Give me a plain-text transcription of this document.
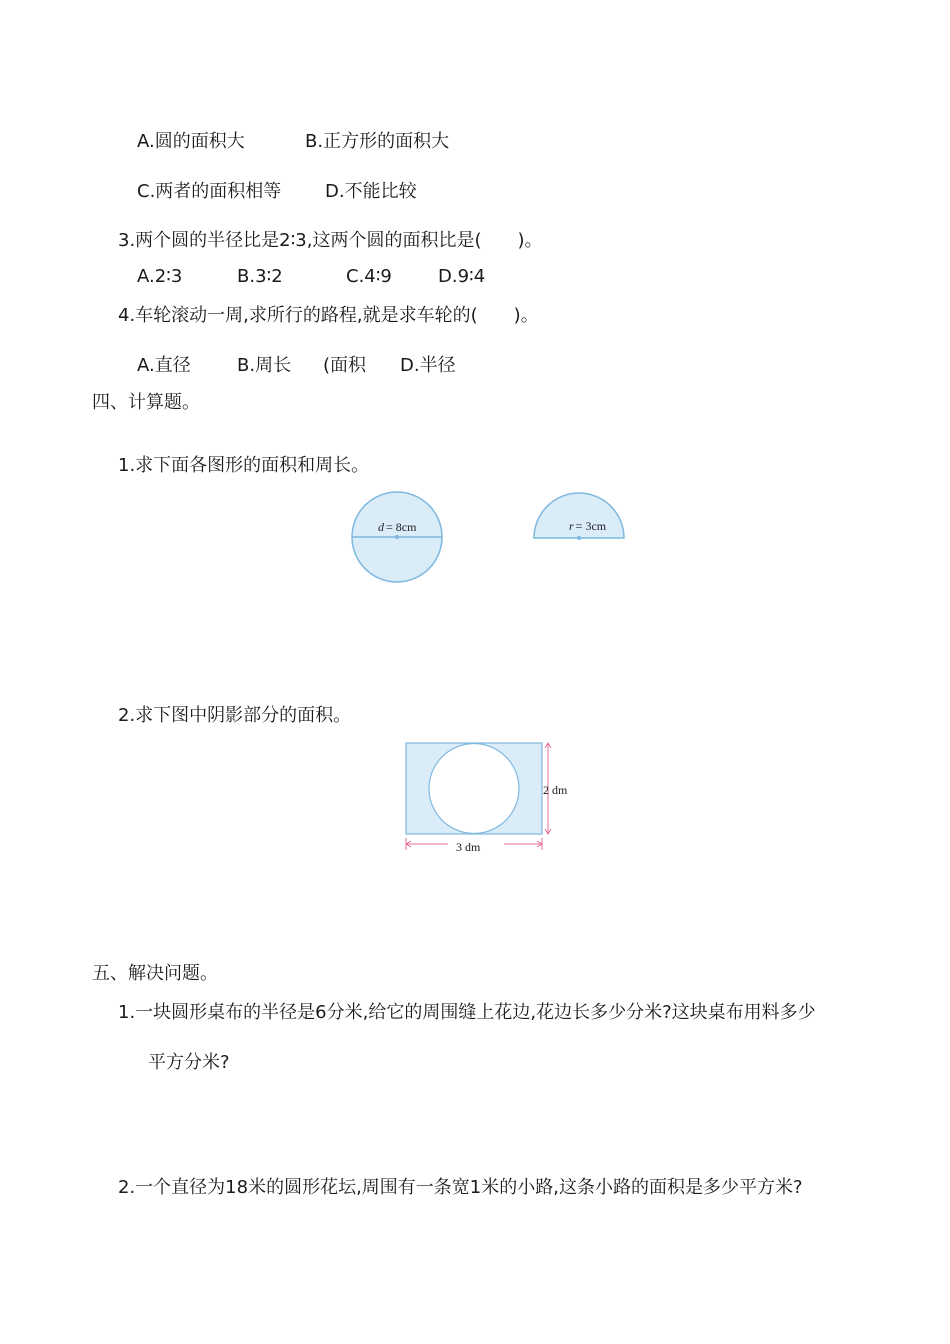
A.圆的面积大	B.正方形的面积大
C.两者的面积相等 D.不能比较
3.两个圆的半径比是2∶3,这两个圆的面积比是(　　)。
A.2∶3	B.3∶2	C.4∶9	D.9∶4
4.车轮滚动一周,求所行的路程,就是求车轮的(　　)。
A.直径	B.周长 (面积 D.半径
四、计算题。
1.求下面各图形的面积和周长。
d = 8cm	r = 3cm
2.求下图中阴影部分的面积。
2 dm
3 dm
五、解决问题。
1.一块圆形桌布的半径是6分米,给它的周围缝上花边,花边长多少分米?这块桌布用料多少
平方分米?
2.一个直径为18米的圆形花坛,周围有一条宽1米的小路,这条小路的面积是多少平方米?
